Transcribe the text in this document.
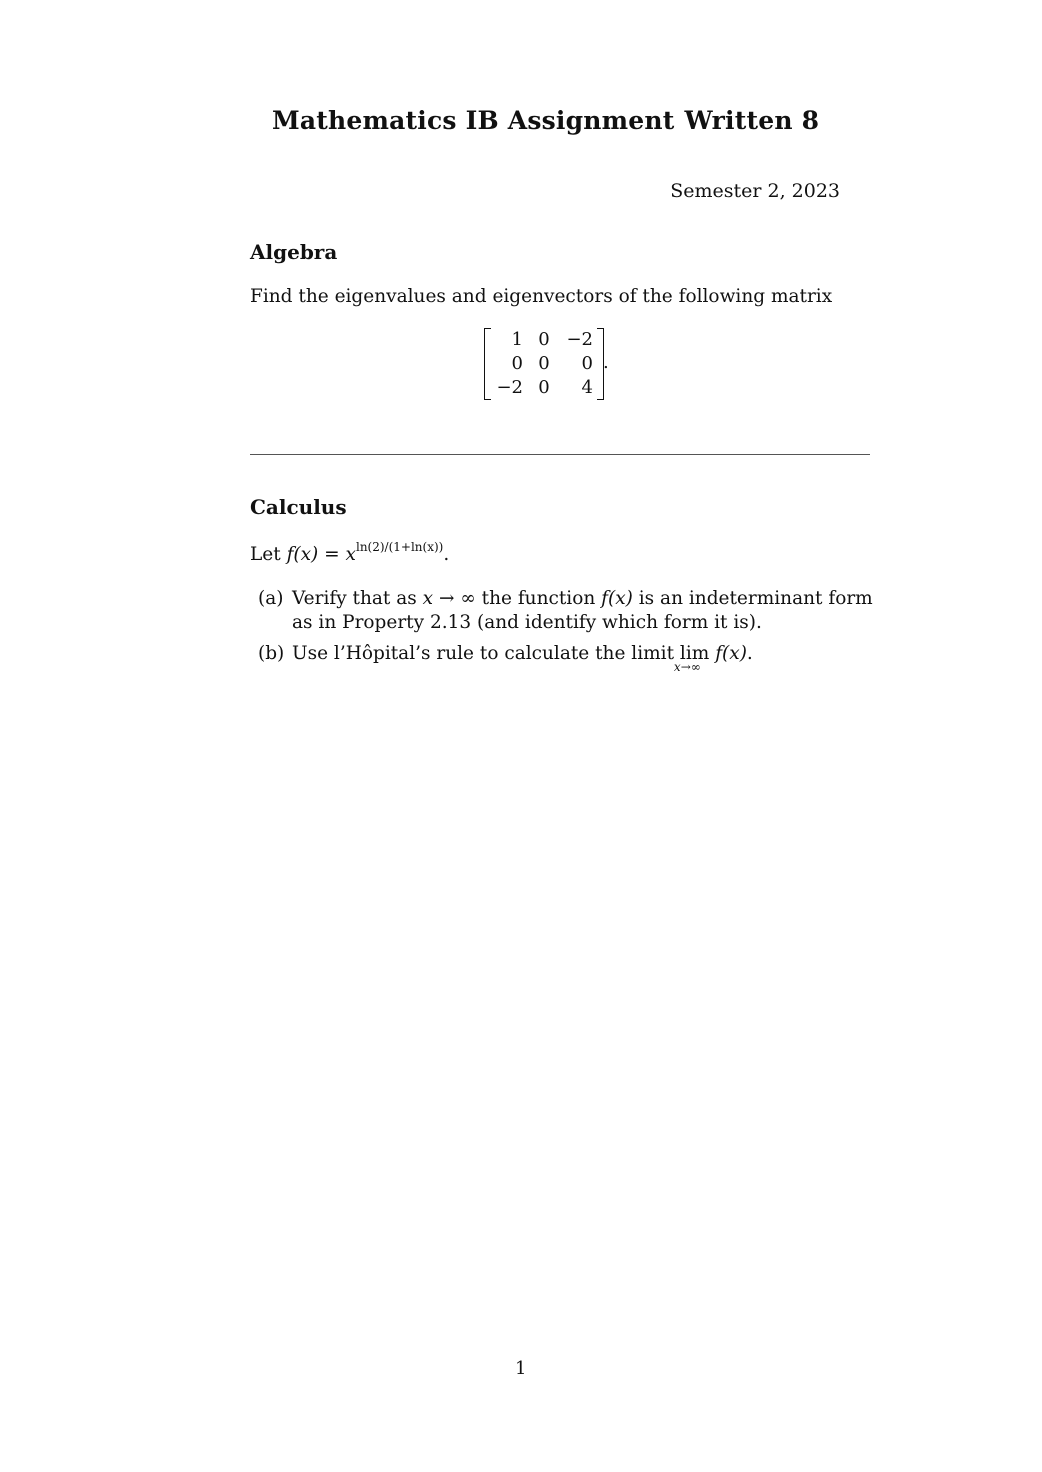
Mathematics IB Assignment Written 8
Semester 2, 2023
Algebra
Find the eigenvalues and eigenvectors of the following matrix
1 0 −2
0 0	0
−2 0	4
.
Calculus
Let $f(x) = x^{ln(2)/(1+ln(x))}$.
(a) Verify that as x → ∞ the function f(x) is an indeterminant form
as in Property 2.13 (and identify which form it is).
(b) Use l’Hôpital’s rule to calculate the limit lim
x→∞
f(x).
1
